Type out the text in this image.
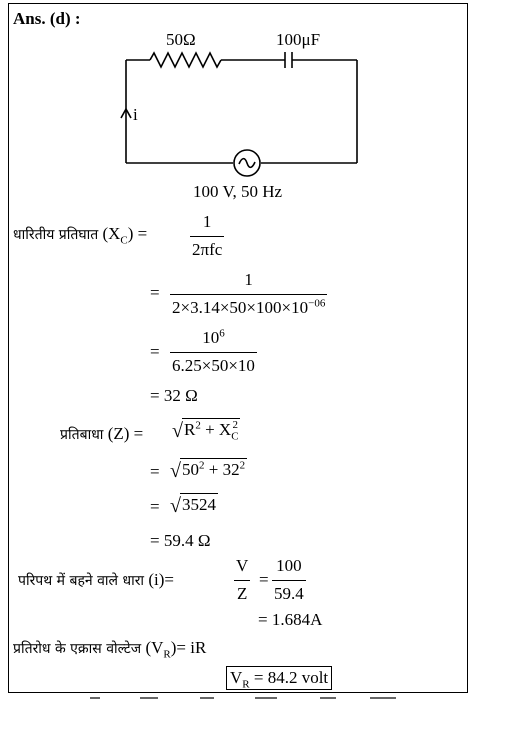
Ans. (d) :
50Ω	100μF
i
100 V, 50 Hz
धारितीय प्रतिघात $(X_C)$ =
1
2πfc
=
1
$2\times 3.14\times 50\times 100\times 10^{-06}$
=
$10^6$
6.25×50×10
= 32 Ω
प्रतिबाधा $(Z) = √R^2 + X_C^2$
= $√50^2 + 32^2$
= √3524
= 59.4 Ω
परिपथ में बहने वाले धारा (i)=
V
Z
=
100
59.4
= 1.684A
प्रतिरोध के एक्रास वोल्टेज $(V_R)=$ iR
$V_R = 84.2$ volt
